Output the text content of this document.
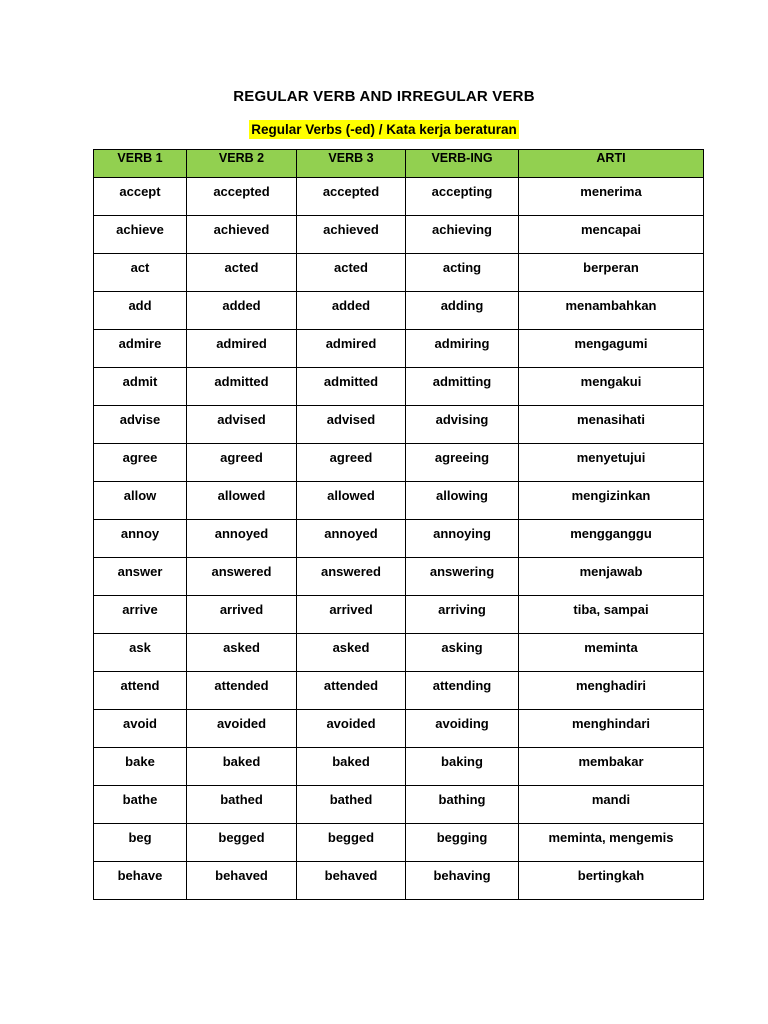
REGULAR VERB AND IRREGULAR VERB
Regular Verbs (-ed) / Kata kerja beraturan
VERB 1	VERB 2	VERB 3	VERB-ING	ARTI
accept	accepted	accepted	accepting	menerima
achieve	achieved	achieved	achieving	mencapai
act	acted	acted	acting	berperan
add	added	added	adding	menambahkan
admire	admired	admired	admiring	mengagumi
admit	admitted	admitted	admitting	mengakui
advise	advised	advised	advising	menasihati
agree	agreed	agreed	agreeing	menyetujui
allow	allowed	allowed	allowing	mengizinkan
annoy	annoyed	annoyed	annoying	mengganggu
answer	answered	answered	answering	menjawab
arrive	arrived	arrived	arriving	tiba, sampai
ask	asked	asked	asking	meminta
attend	attended	attended	attending	menghadiri
avoid	avoided	avoided	avoiding	menghindari
bake	baked	baked	baking	membakar
bathe	bathed	bathed	bathing	mandi
beg	begged	begged	begging	meminta, mengemis
behave	behaved	behaved	behaving	bertingkah
